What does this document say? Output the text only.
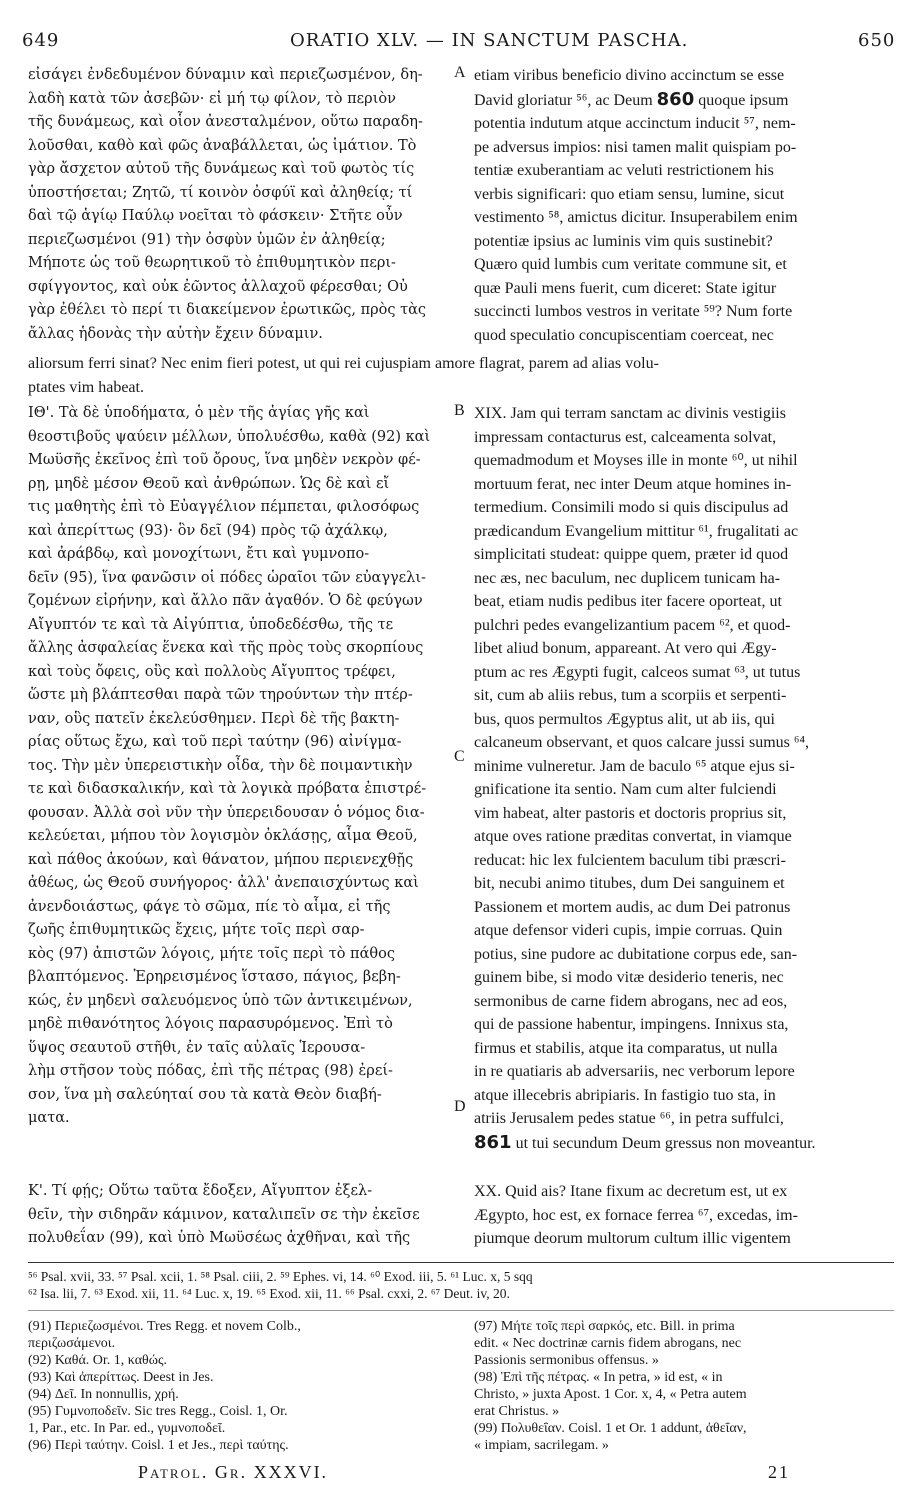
649	ORATIO XLV. — IN SANCTUM PASCHA.	650

εἰσάγει ἐνδεδυμένον δύναμιν καὶ περιεζωσμένον, δη-
λαδὴ κατὰ τῶν ἀσεβῶν· εἰ μή τῳ φίλον, τὸ περιὸν
τῆς δυνάμεως, καὶ οἷον ἀνεσταλμένον, οὕτω παραδη-
λοῦσθαι, καθὸ καὶ φῶς ἀναβάλλεται, ὡς ἱμάτιον. Τὸ
γὰρ ἄσχετον αὐτοῦ τῆς δυνάμεως καὶ τοῦ φωτὸς τίς
ὑποστήσεται; Ζητῶ, τί κοινὸν ὀσφύϊ καὶ ἀληθείᾳ; τί
δαὶ τῷ ἁγίῳ Παύλῳ νοεῖται τὸ φάσκειν· Στῆτε οὖν
περιεζωσμένοι (91) τὴν ὀσφὺν ὑμῶν ἐν ἀληθείᾳ;
Μήποτε ὡς τοῦ θεωρητικοῦ τὸ ἐπιθυμητικὸν περι-
σφίγγοντος, καὶ οὐκ ἐῶντος ἀλλαχοῦ φέρεσθαι; Οὐ
γὰρ ἐθέλει τὸ περί τι διακείμενον ἐρωτικῶς, πρὸς τὰς
ἄλλας ἡδονὰς τὴν αὐτὴν ἔχειν δύναμιν.

etiam viribus beneficio divino accinctum se esse
David gloriatur ⁵⁶, ac Deum 860 quoque ipsum
potentia indutum atque accinctum inducit ⁵⁷, nem-
pe adversus impios: nisi tamen malit quispiam po-
tentiæ exuberantiam ac veluti restrictionem his
verbis significari: quo etiam sensu, lumine, sicut
vestimento ⁵⁸, amictus dicitur. Insuperabilem enim
potentiæ ipsius ac luminis vim quis sustinebit?
Quæro quid lumbis cum veritate commune sit, et
quæ Pauli mens fuerit, cum diceret: State igitur
succincti lumbos vestros in veritate ⁵⁹? Num forte
quod speculatio concupiscentiam coerceat, nec

aliorsum ferri sinat? Nec enim fieri potest, ut qui rei cujuspiam amore flagrat, parem ad alias volu-
ptates vim habeat.

ΙΘ'. Τὰ δὲ ὑποδήματα, ὁ μὲν τῆς ἁγίας γῆς καὶ
θεοστιβοῦς ψαύειν μέλλων, ὑπολυέσθω, καθὰ (92) καὶ
Μωϋσῆς ἐκεῖνος ἐπὶ τοῦ ὄρους, ἵνα μηδὲν νεκρὸν φέ-
ρῃ, μηδὲ μέσον Θεοῦ καὶ ἀνθρώπων. Ὡς δὲ καὶ εἴ
τις μαθητὴς ἐπὶ τὸ Εὐαγγέλιον πέμπεται, φιλοσόφως
καὶ ἀπερίττως (93)· ὃν δεῖ (94) πρὸς τῷ ἀχάλκῳ,
καὶ ἀράβδῳ, καὶ μονοχίτωνι, ἔτι καὶ γυμνοπο-
δεῖν (95), ἵνα φανῶσιν οἱ πόδες ὡραῖοι τῶν εὐαγγελι-
ζομένων εἰρήνην, καὶ ἄλλο πᾶν ἀγαθόν. Ὁ δὲ φεύγων
Αἴγυπτόν τε καὶ τὰ Αἰγύπτια, ὑποδεδέσθω, τῆς τε
ἄλλης ἀσφαλείας ἕνεκα καὶ τῆς πρὸς τοὺς σκορπίους
καὶ τοὺς ὄφεις, οὓς καὶ πολλοὺς Αἴγυπτος τρέφει,
ὥστε μὴ βλάπτεσθαι παρὰ τῶν τηρούντων τὴν πτέρ-
ναν, οὓς πατεῖν ἐκελεύσθημεν. Περὶ δὲ τῆς βακτη-
ρίας οὕτως ἔχω, καὶ τοῦ περὶ ταύτην (96) αἰνίγμα-
τος. Τὴν μὲν ὑπερειστικὴν οἶδα, τὴν δὲ ποιμαντικὴν
τε καὶ διδασκαλικήν, καὶ τὰ λογικὰ πρόβατα ἐπιστρέ-
φουσαν. Ἀλλὰ σοὶ νῦν τὴν ὑπερειδουσαν ὁ νόμος δια-
κελεύεται, μήπου τὸν λογισμὸν ὀκλάσῃς, αἷμα Θεοῦ,
καὶ πάθος ἀκούων, καὶ θάνατον, μήπου περιενεχθῇς
ἀθέως, ὡς Θεοῦ συνήγορος· ἀλλ' ἀνεπαισχύντως καὶ
ἀνενδοιάστως, φάγε τὸ σῶμα, πίε τὸ αἷμα, εἰ τῆς
ζωῆς ἐπιθυμητικῶς ἔχεις, μήτε τοῖς περὶ σαρ-
κὸς (97) ἀπιστῶν λόγοις, μήτε τοῖς περὶ τὸ πάθος
βλαπτόμενος. Ἐρηρεισμένος ἵστασο, πάγιος, βεβη-
κώς, ἐν μηδενὶ σαλευόμενος ὑπὸ τῶν ἀντικειμένων,
μηδὲ πιθανότητος λόγοις παρασυρόμενος. Ἐπὶ τὸ
ὕψος σεαυτοῦ στῆθι, ἐν ταῖς αὐλαῖς Ἱερουσα-
λὴμ στῆσον τοὺς πόδας, ἐπὶ τῆς πέτρας (98) ἐρεί-
σον, ἵνα μὴ σαλεύηταί σου τὰ κατὰ Θεὸν διαβή-
ματα.

XIX. Jam qui terram sanctam ac divinis vestigiis
impressam contacturus est, calceamenta solvat,
quemadmodum et Moyses ille in monte ⁶⁰, ut nihil
mortuum ferat, nec inter Deum atque homines in-
termedium. Consimili modo si quis discipulus ad
prædicandum Evangelium mittitur ⁶¹, frugalitati ac
simplicitati studeat: quippe quem, præter id quod
nec æs, nec baculum, nec duplicem tunicam ha-
beat, etiam nudis pedibus iter facere oporteat, ut
pulchri pedes evangelizantium pacem ⁶², et quod-
libet aliud bonum, appareant. At vero qui Ægy-
ptum ac res Ægypti fugit, calceos sumat ⁶³, ut tutus
sit, cum ab aliis rebus, tum a scorpiis et serpenti-
bus, quos permultos Ægyptus alit, ut ab iis, qui
calcaneum observant, et quos calcare jussi sumus ⁶⁴,
minime vulneretur. Jam de baculo ⁶⁵ atque ejus si-
gnificatione ita sentio. Nam cum alter fulciendi
vim habeat, alter pastoris et doctoris proprius sit,
atque oves ratione præditas convertat, in viamque
reducat: hic lex fulcientem baculum tibi præscri-
bit, necubi animo titubes, dum Dei sanguinem et
Passionem et mortem audis, ac dum Dei patronus
atque defensor videri cupis, impie corruas. Quin
potius, sine pudore ac dubitatione corpus ede, san-
guinem bibe, si modo vitæ desiderio teneris, nec
sermonibus de carne fidem abrogans, nec ad eos,
qui de passione habentur, impingens. Innixus sta,
firmus et stabilis, atque ita comparatus, ut nulla
in re quatiaris ab adversariis, nec verborum lepore
atque illecebris abripiaris. In fastigio tuo sta, in
atriis Jerusalem pedes statue ⁶⁶, in petra suffulci,

861 ut tui secundum Deum gressus non moveantur.

Κ'. Τί φῄς; Οὕτω ταῦτα ἔδοξεν, Αἴγυπτον ἐξελ-
θεῖν, τὴν σιδηρᾶν κάμινον, καταλιπεῖν σε τὴν ἐκεῖσε
πολυθεΐαν (99), καὶ ὑπὸ Μωϋσέως ἀχθῆναι, καὶ τῆς

XX. Quid ais? Itane fixum ac decretum est, ut ex
Ægypto, hoc est, ex fornace ferrea ⁶⁷, excedas, im-
piumque deorum multorum cultum illic vigentem

A
B
C
D

⁵⁶ Psal. xvii, 33. ⁵⁷ Psal. xcii, 1. ⁵⁸ Psal. ciii, 2. ⁵⁹ Ephes. vi, 14. ⁶⁰ Exod. iii, 5. ⁶¹ Luc. x, 5 sqq

⁶² Isa. lii, 7. ⁶³ Exod. xii, 11. ⁶⁴ Luc. x, 19. ⁶⁵ Exod. xii, 11. ⁶⁶ Psal. cxxi, 2. ⁶⁷ Deut. iv, 20.

(91) Περιεζωσμένοι. Tres Regg. et novem Colb.,
περιζωσάμενοι.
(92) Καθά. Or. 1, καθώς.
(93) Καὶ ἀπερίττως. Deest in Jes.
(94) Δεῖ. In nonnullis, χρή.
(95) Γυμνοποδεῖν. Sic tres Regg., Coisl. 1, Or.
1, Par., etc. In Par. ed., γυμνοποδεῖ.
(96) Περὶ ταύτην. Coisl. 1 et Jes., περὶ ταύτης.

(97) Μήτε τοῖς περὶ σαρκός, etc. Bill. in prima
edit. « Nec doctrinæ carnis fidem abrogans, nec
Passionis sermonibus offensus. »
(98) Ἐπὶ τῆς πέτρας. « In petra, » id est, « in
Christo, » juxta Apost. 1 Cor. x, 4, « Petra autem
erat Christus. »
(99) Πολυθεΐαν. Coisl. 1 et Or. 1 addunt, ἀθεΐαν,
« impiam, sacrilegam. »

Patrol. Gr. XXXVI.	21
